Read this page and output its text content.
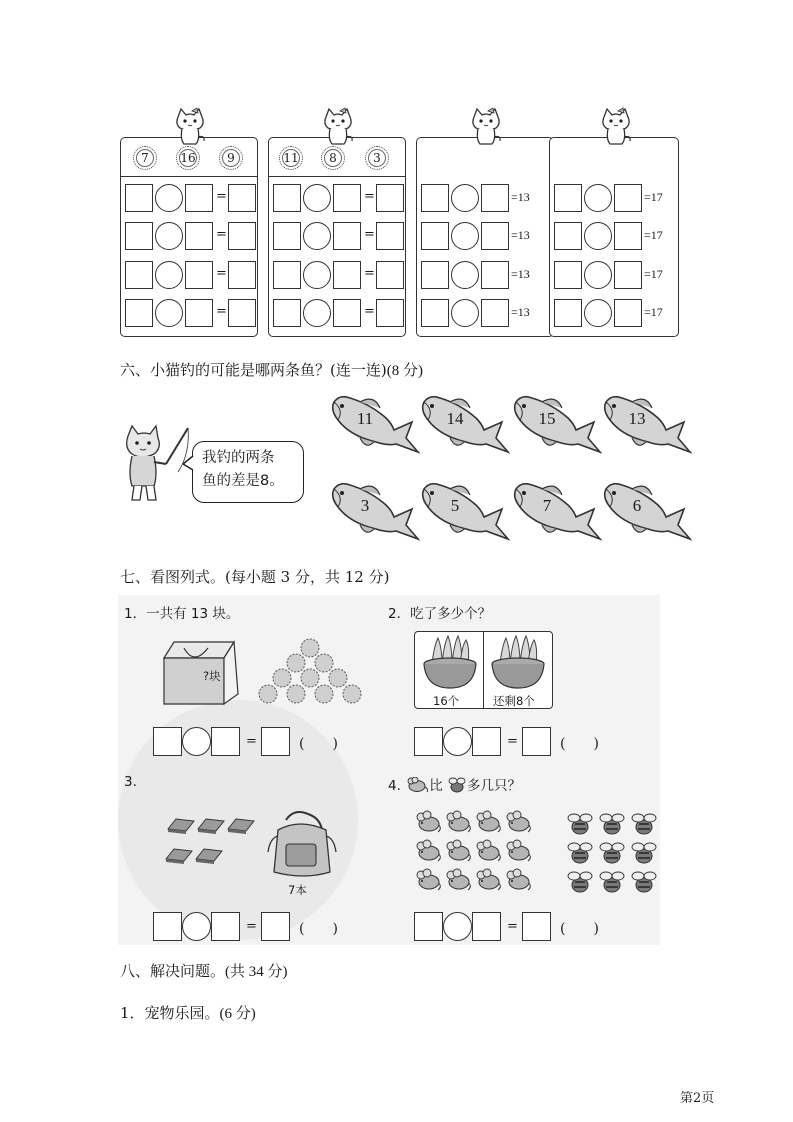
7	16	9	11	8	3
=
=
=
=
=
=
=
=
=13
=13
=13
=13
=17
=17
=17
=17
六、小猫钓的可能是哪两条鱼？(连一连)(8 分)
我钓的两条
鱼的差是8。
11	14	15	13
3	5	7	6
七、看图列式。(每小题 3 分，共 12 分)
1．一共有 13 块。
?块
2．吃了多少个？
16个	还剩8个
3.
7本
4. 比 多几只？
=	(　　)	=	(　　)
=	(　　)	=	(　　)
八、解决问题。(共 34 分)
1．宠物乐园。(6 分)
第2页
